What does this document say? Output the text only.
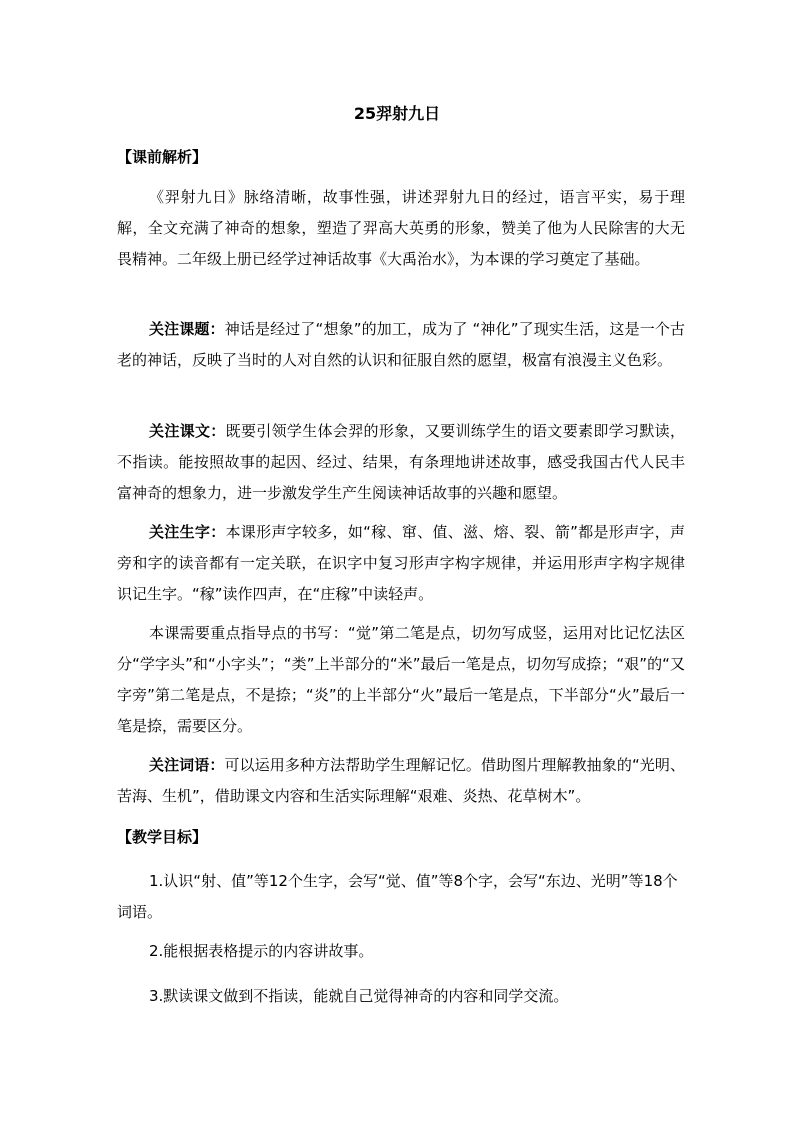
25羿射九日
【课前解析】
《羿射九日》脉络清晰，故事性强，讲述羿射九日的经过，语言平实，易于理解，全文充满了神奇的想象，塑造了羿高大英勇的形象，赞美了他为人民除害的大无畏精神。二年级上册已经学过神话故事《大禹治水》，为本课的学习奠定了基础。
关注课题：神话是经过了“想象”的加工，成为了 “神化”了现实生活，这是一个古老的神话，反映了当时的人对自然的认识和征服自然的愿望，极富有浪漫主义色彩。
关注课文：既要引领学生体会羿的形象，又要训练学生的语文要素即学习默读，不指读。能按照故事的起因、经过、结果，有条理地讲述故事，感受我国古代人民丰富神奇的想象力，进一步激发学生产生阅读神话故事的兴趣和愿望。
关注生字：本课形声字较多，如“稼、窜、值、滋、熔、裂、箭”都是形声字，声旁和字的读音都有一定关联，在识字中复习形声字构字规律，并运用形声字构字规律识记生字。“稼”读作四声，在“庄稼”中读轻声。
本课需要重点指导点的书写：“觉”第二笔是点，切勿写成竖，运用对比记忆法区分“学字头”和“小字头”；“类”上半部分的“米”最后一笔是点，切勿写成捺；“艰”的“又字旁”第二笔是点，不是捺；“炎”的上半部分“火”最后一笔是点，下半部分“火”最后一笔是捺，需要区分。
关注词语：可以运用多种方法帮助学生理解记忆。借助图片理解教抽象的“光明、苦海、生机”，借助课文内容和生活实际理解“艰难、炎热、花草树木”。
【教学目标】
1.认识“射、值”等12个生字，会写“觉、值”等8个字，会写“东边、光明”等18个词语。
2.能根据表格提示的内容讲故事。
3.默读课文做到不指读，能就自己觉得神奇的内容和同学交流。
